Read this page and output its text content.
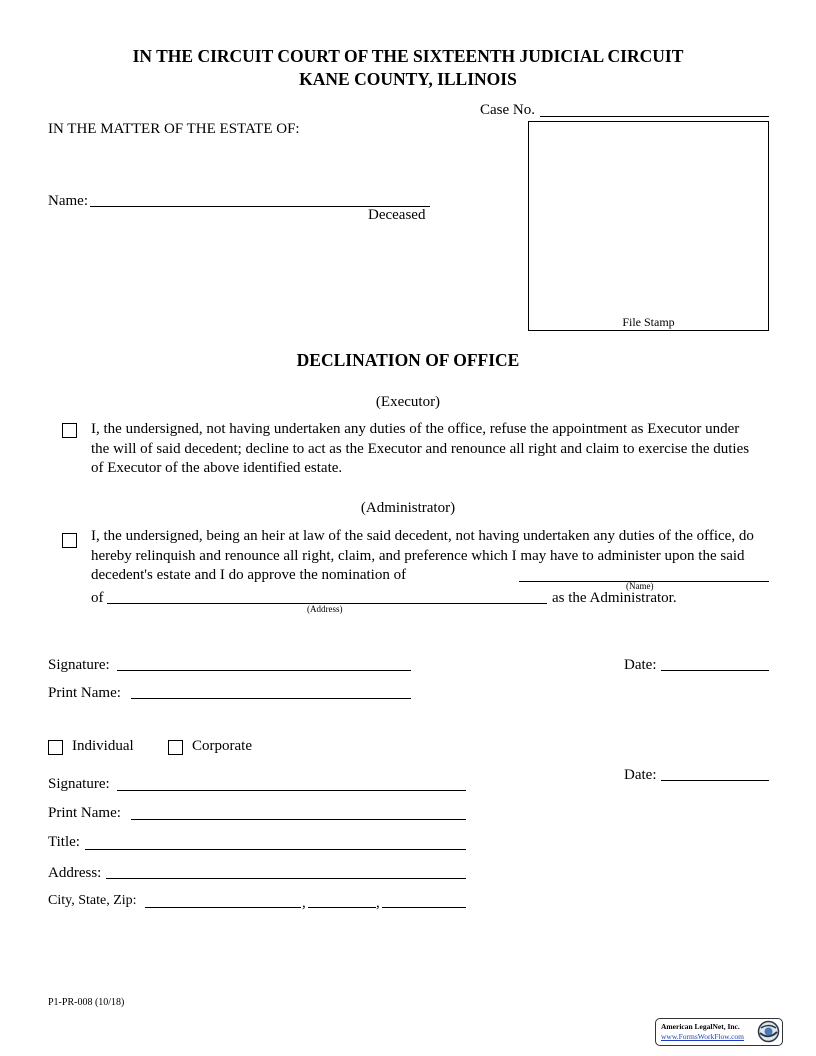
IN THE CIRCUIT COURT OF THE SIXTEENTH JUDICIAL CIRCUIT
KANE COUNTY, ILLINOIS
Case No.
IN THE MATTER OF THE ESTATE OF:
Name:
Deceased
File Stamp
DECLINATION OF OFFICE
(Executor)
I, the undersigned, not having undertaken any duties of the office, refuse the appointment as Executor under the will of said decedent; decline to act as the Executor and renounce all right and claim to exercise the duties of Executor of the above identified estate.
(Administrator)
I, the undersigned, being an heir at law of the said decedent, not having undertaken any duties of the office, do hereby relinquish and renounce all right, claim, and preference which I may have to administer upon the said decedent's estate and I do approve the nomination of
(Name)
of
(Address)
as the Administrator.
Signature:	Date:
Print Name:
Individual	Corporate
Date:
Signature:
Print Name:
Title:
Address:
City, State, Zip:	,	,
P1-PR-008 (10/18)
American LegalNet, Inc.
www.FormsWorkFlow.com
